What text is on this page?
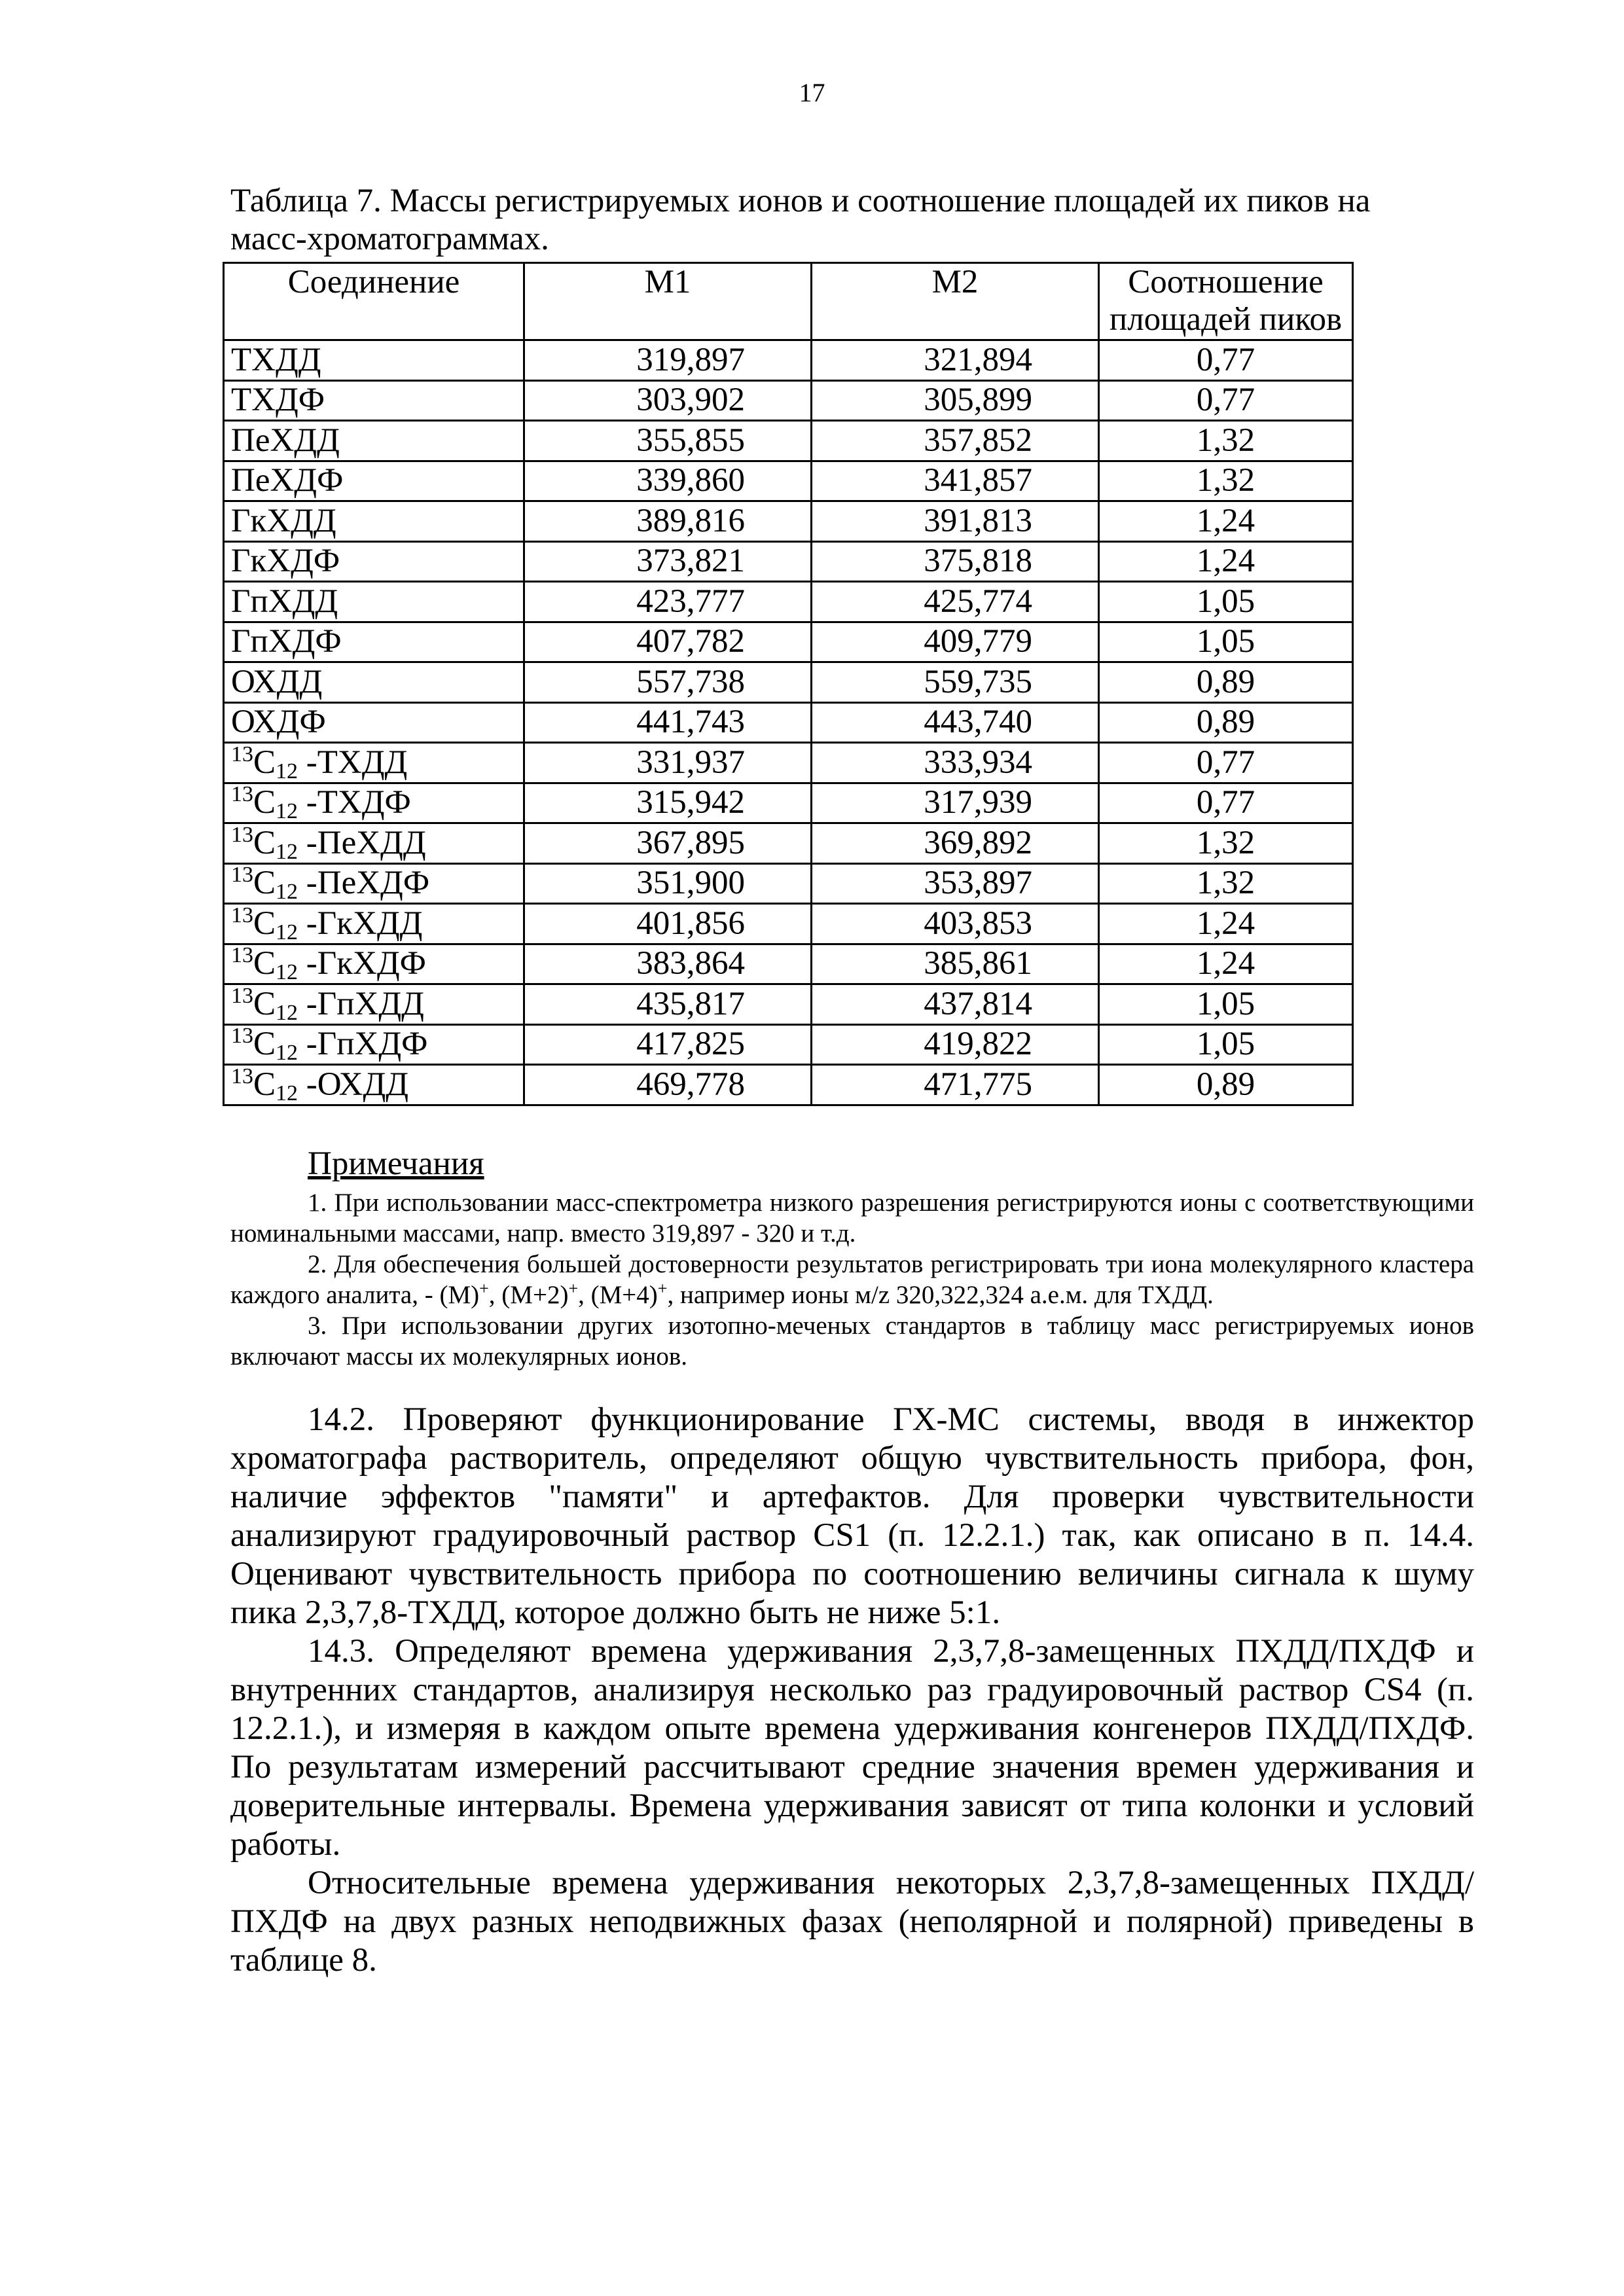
17
Таблица 7. Массы регистрируемых ионов и соотношение площадей их пиков на масс-хроматограммах.
Соединение	М1	М2	Соотношение площадей пиков
ТХДД	319,897	321,894	0,77
ТХДФ	303,902	305,899	0,77
ПеХДД	355,855	357,852	1,32
ПеХДФ	339,860	341,857	1,32
ГкХДД	389,816	391,813	1,24
ГкХДФ	373,821	375,818	1,24
ГпХДД	423,777	425,774	1,05
ГпХДФ	407,782	409,779	1,05
ОХДД	557,738	559,735	0,89
ОХДФ	441,743	443,740	0,89
$^{13}$C12 -ТХДД	331,937	333,934	0,77
$^{13}$C12 -ТХДФ	315,942	317,939	0,77
$^{13}$C12 -ПеХДД	367,895	369,892	1,32
$^{13}$C12 -ПеХДФ	351,900	353,897	1,32
$^{13}$C12 -ГкХДД	401,856	403,853	1,24
$^{13}$C12 -ГкХДФ	383,864	385,861	1,24
$^{13}$C12 -ГпХДД	435,817	437,814	1,05
$^{13}$C12 -ГпХДФ	417,825	419,822	1,05
$^{13}$C12 -ОХДД	469,778	471,775	0,89
Примечания

1. При использовании масс-спектрометра низкого разрешения регистрируются ионы с соответствующими номинальными массами, напр. вместо 319,897 - 320 и т.д.

2. Для обеспечения большей достоверности результатов регистрировать три иона молекулярного кластера каждого аналита, - (M)+, (M+2)+, (M+4)+, например ионы м/z 320,322,324 а.е.м. для ТХДД.

3. При использовании других изотопно-меченых стандартов в таблицу масс регистрируемых ионов включают массы их молекулярных ионов.

14.2. Проверяют функционирование ГХ-МС системы, вводя в инжектор хроматографа растворитель, определяют общую чувствительность прибора, фон, наличие эффектов "памяти" и артефактов. Для проверки чувствительности анализируют градуировочный раствор CS1 (п. 12.2.1.) так, как описано в п. 14.4. Оценивают чувствительность прибора по соотношению величины сигнала к шуму пика 2,3,7,8-ТХДД, которое должно быть не ниже 5:1.

14.3. Определяют времена удерживания 2,3,7,8-замещенных ПХДД/ПХДФ и внутренних стандартов, анализируя несколько раз градуировочный раствор CS4 (п. 12.2.1.), и измеряя в каждом опыте времена удерживания конгенеров ПХДД/ПХДФ. По результатам измерений рассчитывают средние значения времен удерживания и доверительные интервалы. Времена удерживания зависят от типа колонки и условий работы.

Относительные времена удерживания некоторых 2,3,7,8-замещенных ПХДД/ПХДФ на двух разных неподвижных фазах (неполярной и полярной) приведены в таблице 8.
